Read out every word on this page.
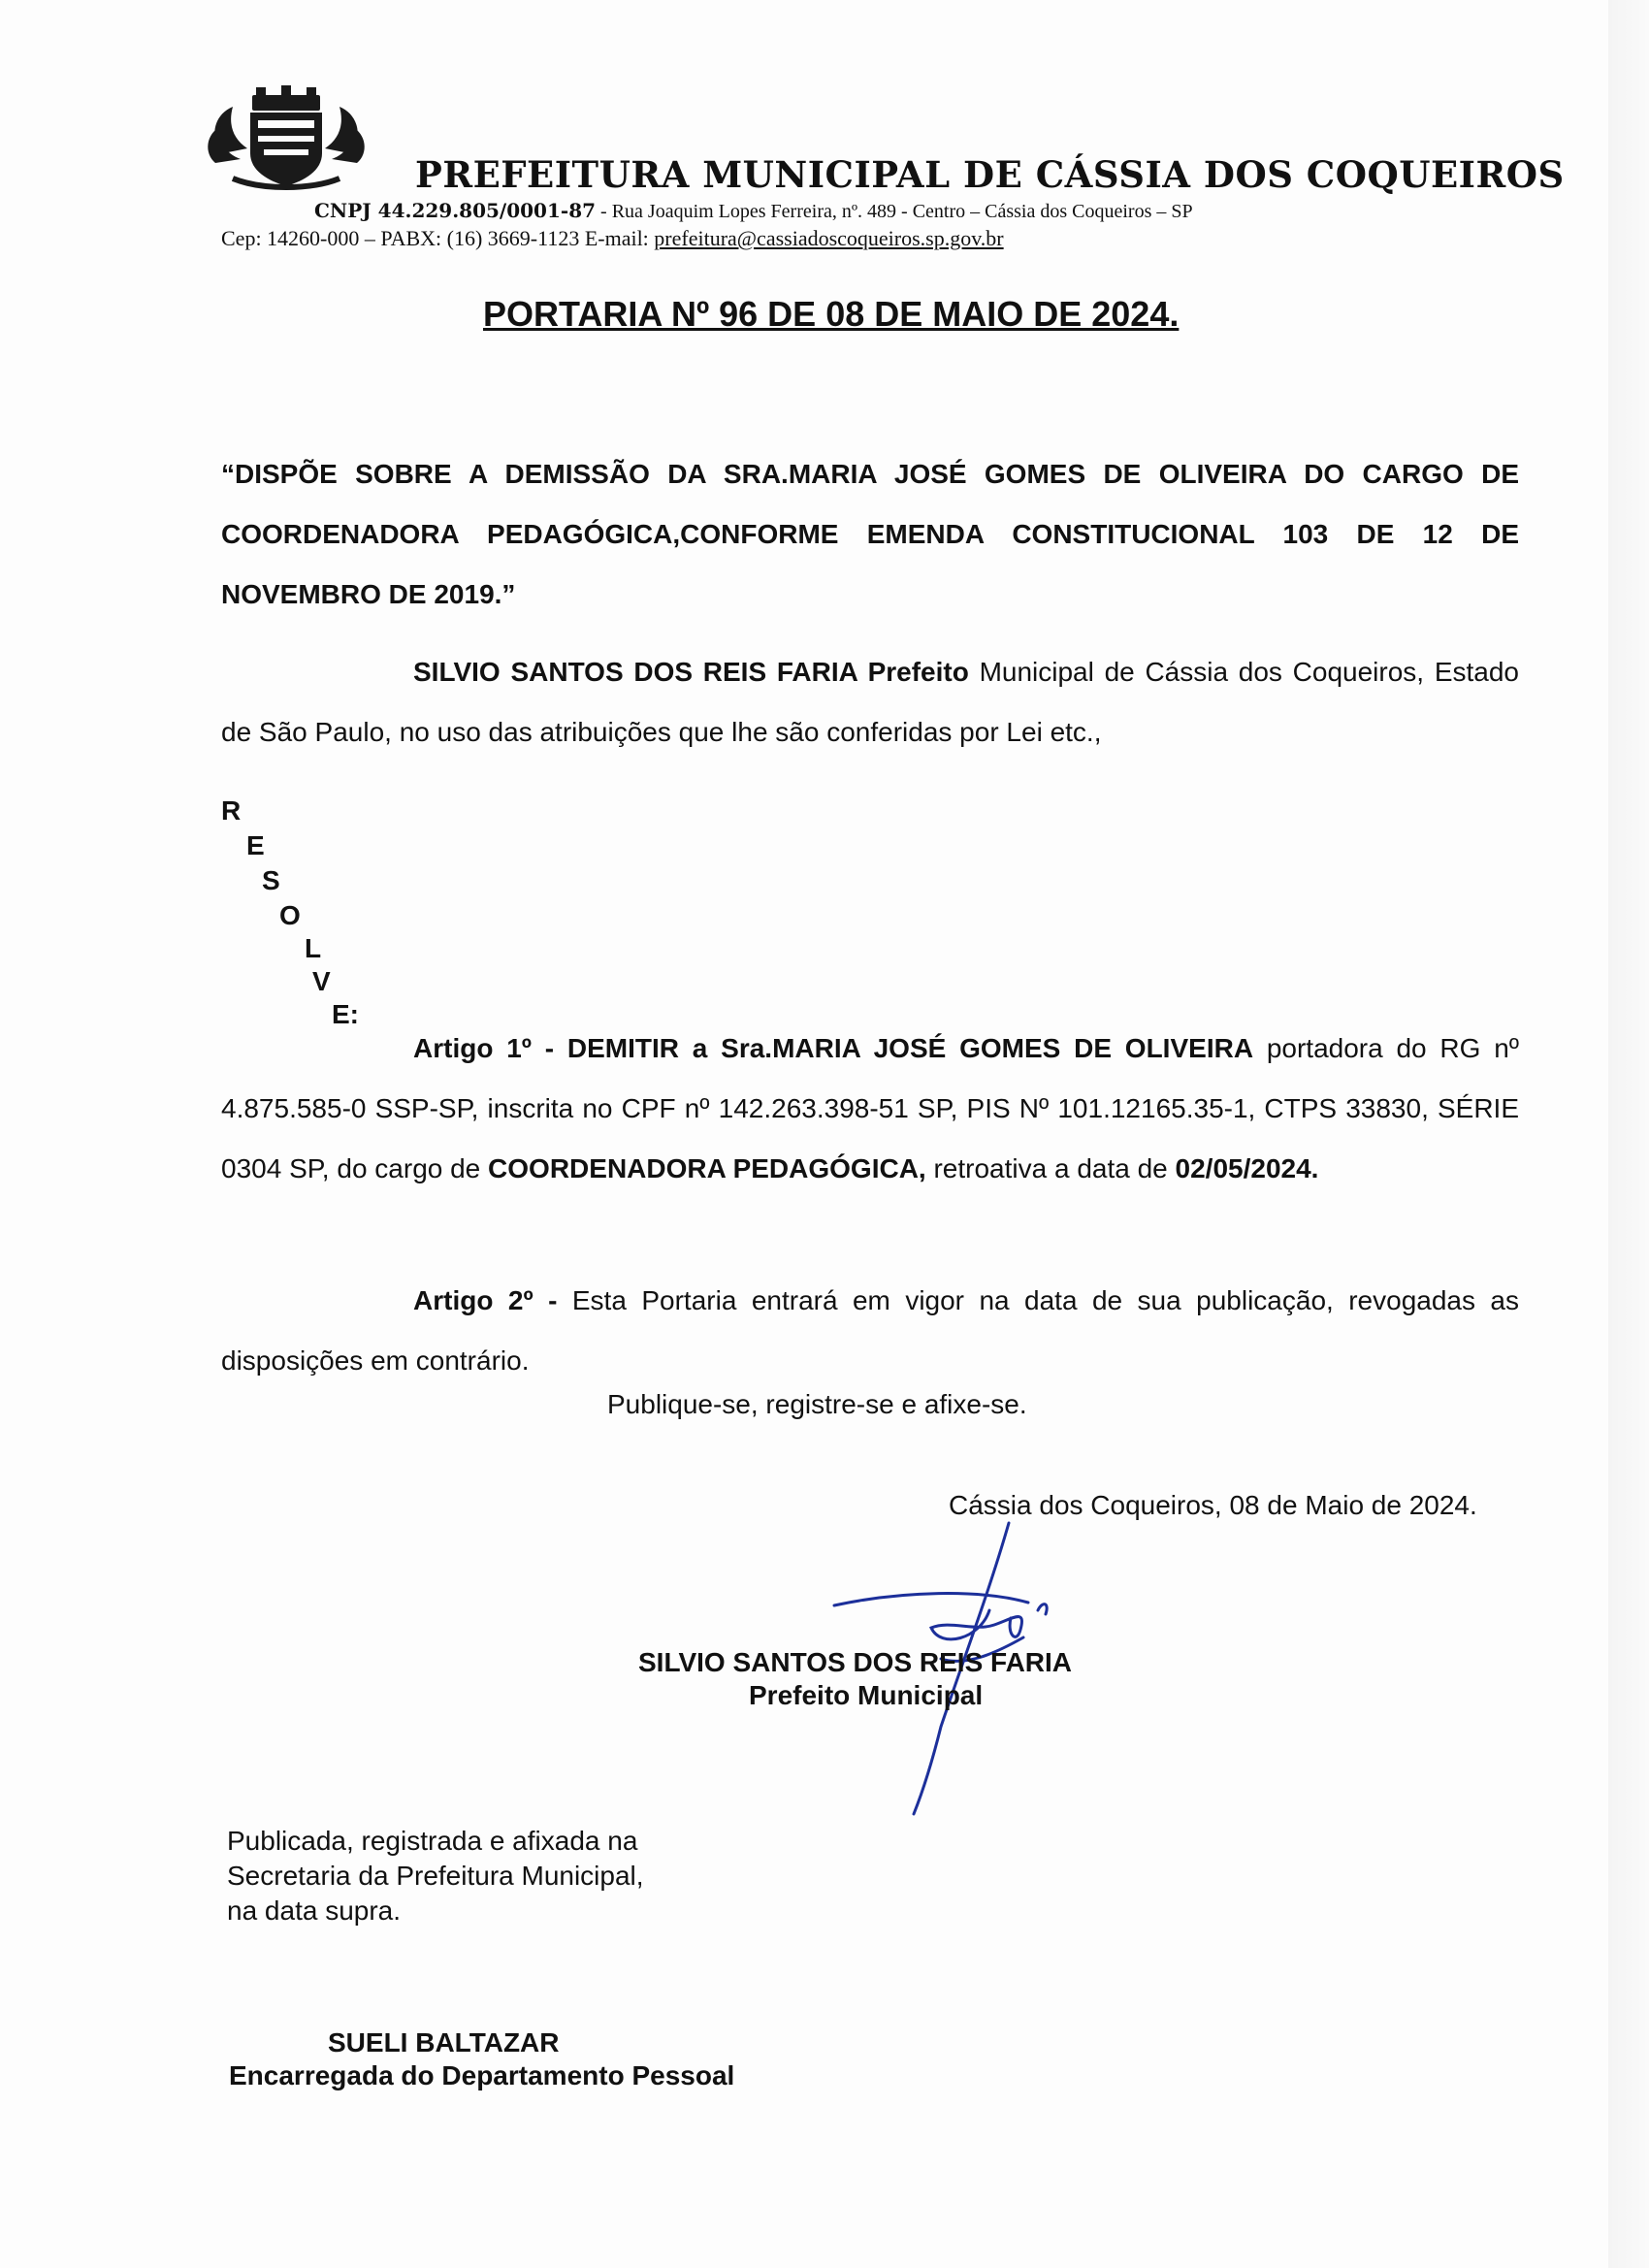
PREFEITURA MUNICIPAL DE CÁSSIA DOS COQUEIROS
CNPJ 44.229.805/0001-87 - Rua Joaquim Lopes Ferreira, nº. 489 - Centro – Cássia dos Coqueiros – SP
Cep: 14260-000 – PABX: (16) 3669-1123 E-mail: prefeitura@cassiadoscoqueiros.sp.gov.br
PORTARIA Nº 96 DE 08 DE MAIO DE 2024.
“DISPÕE SOBRE A DEMISSÃO DA SRA.MARIA JOSÉ GOMES DE OLIVEIRA DO CARGO DE COORDENADORA PEDAGÓGICA,CONFORME EMENDA CONSTITUCIONAL 103 DE 12 DE NOVEMBRO DE 2019.”
SILVIO SANTOS DOS REIS FARIA Prefeito Municipal de Cássia dos Coqueiros, Estado de São Paulo, no uso das atribuições que lhe são conferidas por Lei etc.,
R
E
S
O
L
V
E:
Artigo 1º - DEMITIR a Sra.MARIA JOSÉ GOMES DE OLIVEIRA portadora do RG nº 4.875.585-0 SSP-SP, inscrita no CPF nº 142.263.398-51 SP, PIS Nº 101.12165.35-1, CTPS 33830, SÉRIE 0304 SP, do cargo de COORDENADORA PEDAGÓGICA, retroativa a data de 02/05/2024.
Artigo 2º - Esta Portaria entrará em vigor na data de sua publicação, revogadas as disposições em contrário.
Publique-se, registre-se e afixe-se.
Cássia dos Coqueiros, 08 de Maio de 2024.
SILVIO SANTOS DOS REIS FARIA
Prefeito Municipal
Publicada, registrada e afixada na
Secretaria da Prefeitura Municipal,
na data supra.
SUELI BALTAZAR
Encarregada do Departamento Pessoal
